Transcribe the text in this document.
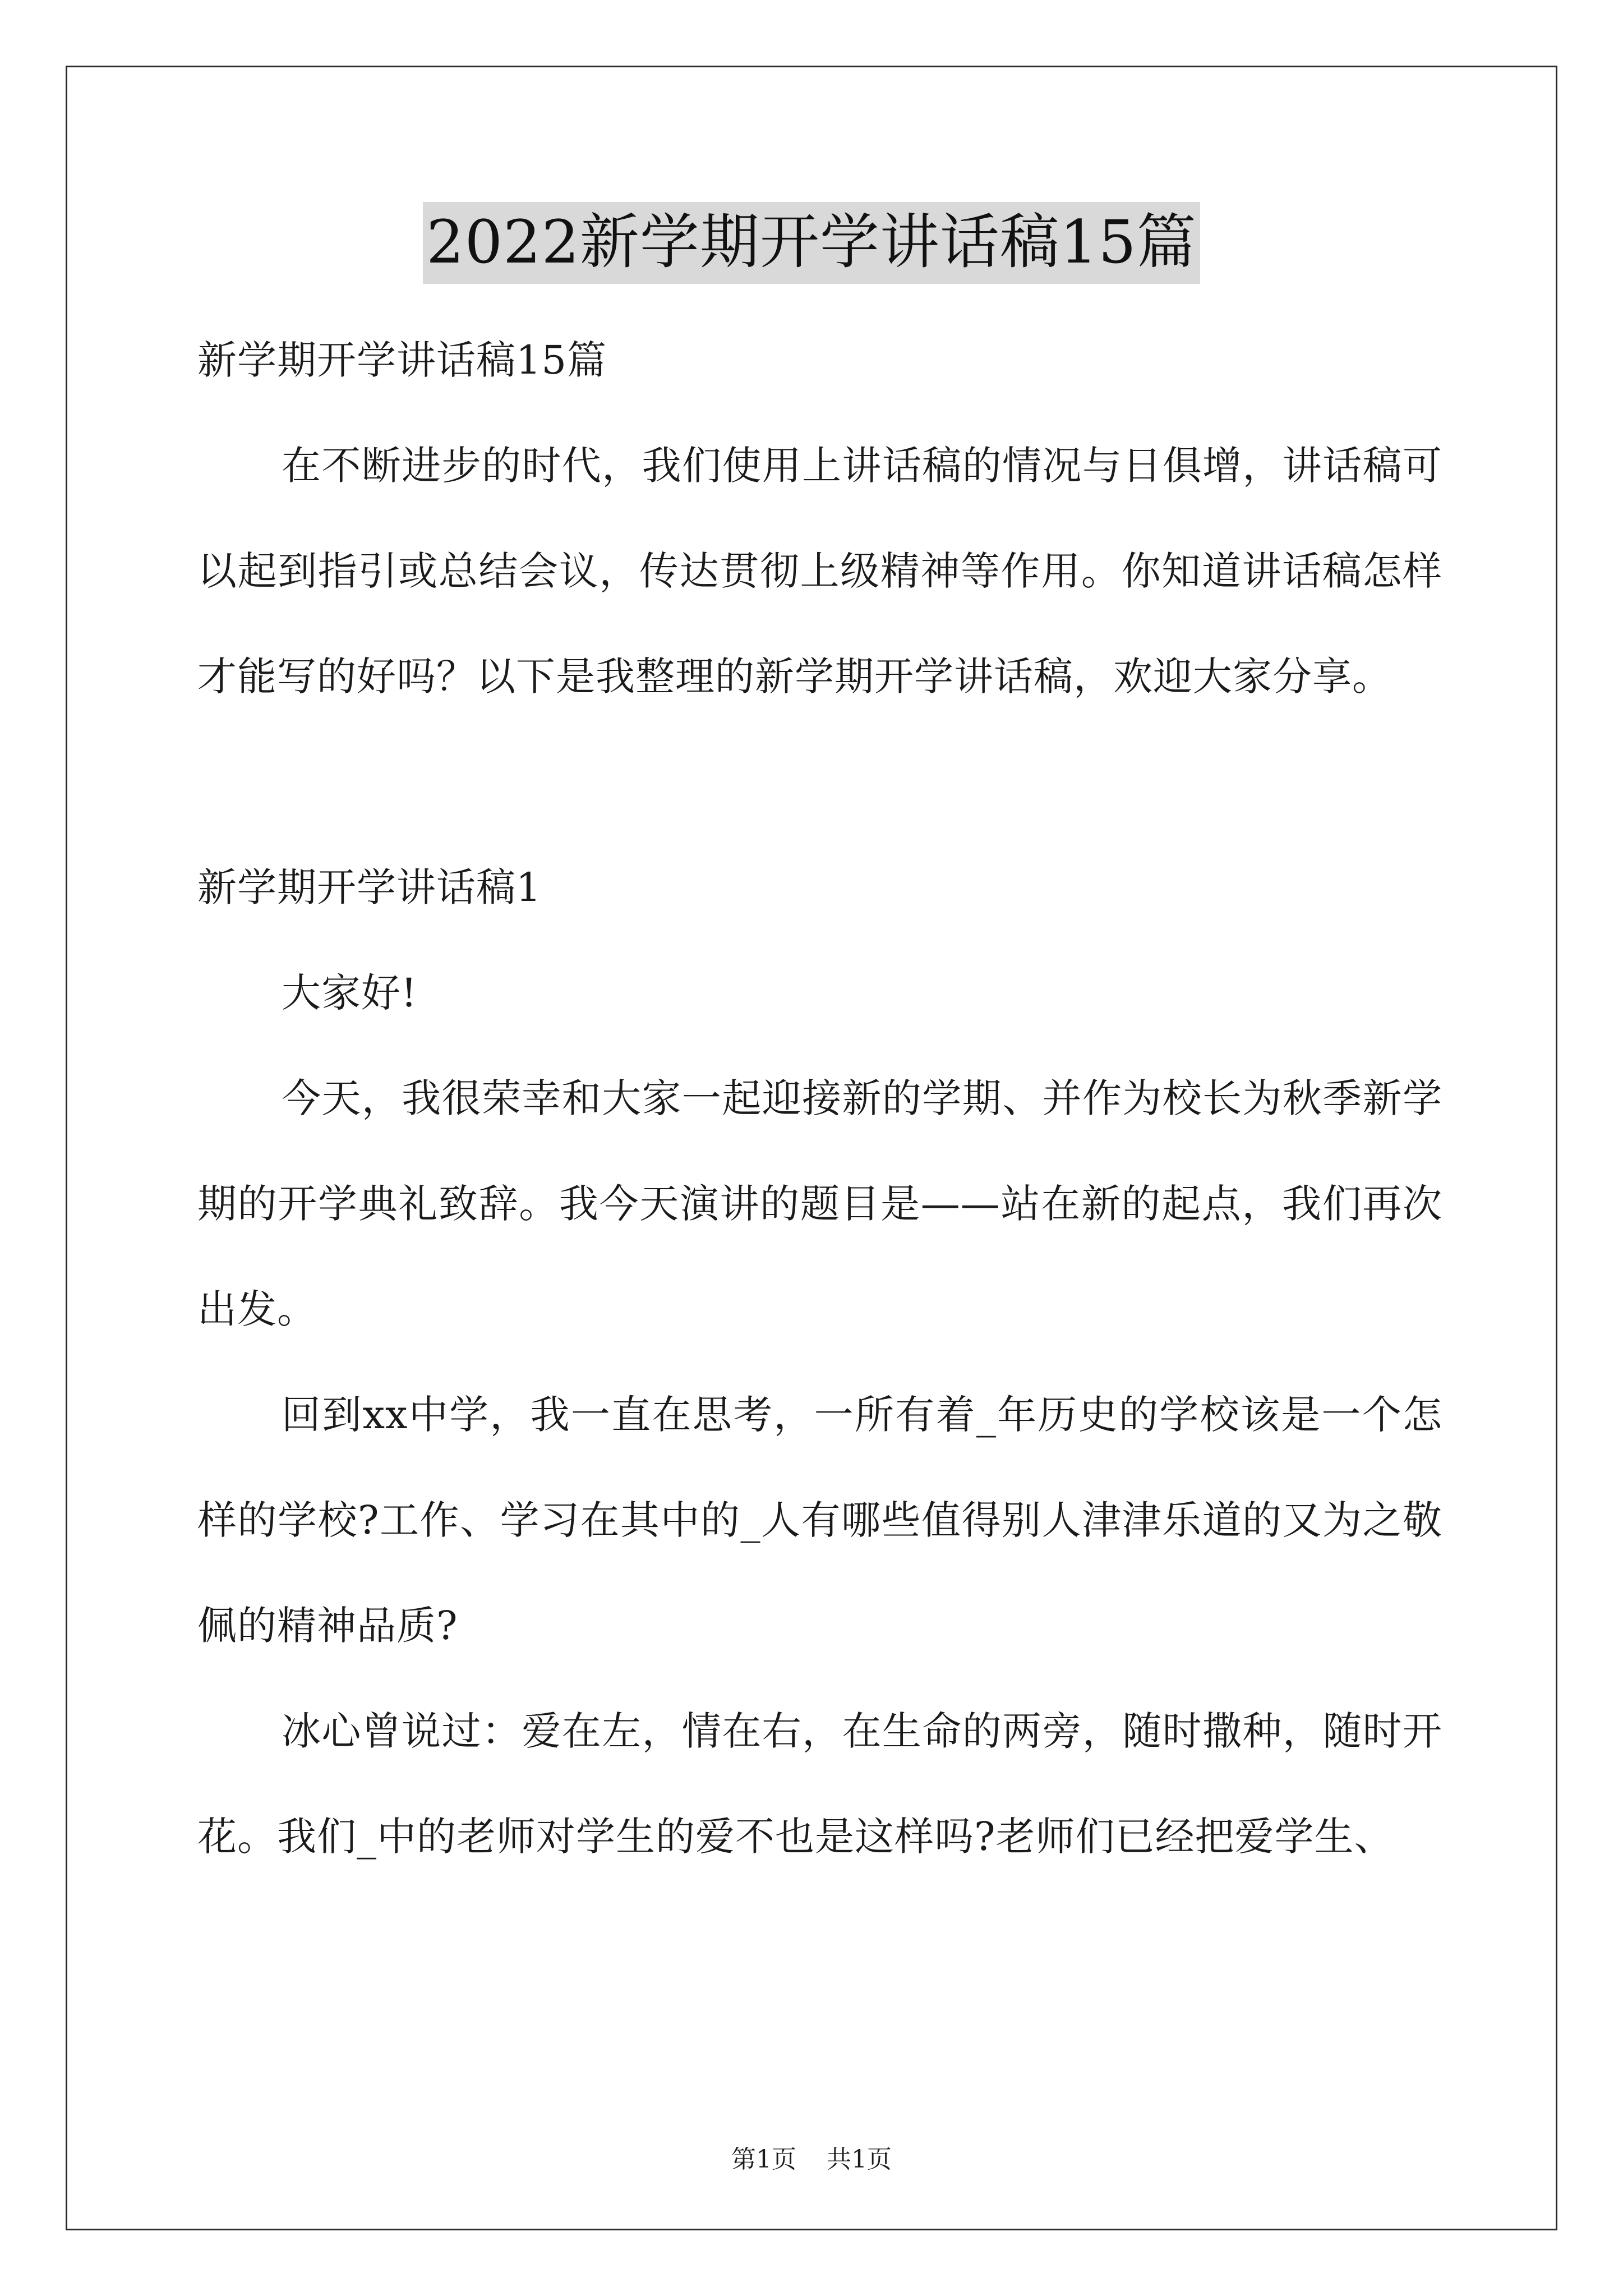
2022新学期开学讲话稿15篇

新学期开学讲话稿15篇

在不断进步的时代，我们使用上讲话稿的情况与日俱增，讲话稿可以起到指引或总结会议，传达贯彻上级精神等作用。你知道讲话稿怎样才能写的好吗？以下是我整理的新学期开学讲话稿，欢迎大家分享。

新学期开学讲话稿1

大家好!

今天，我很荣幸和大家一起迎接新的学期、并作为校长为秋季新学期的开学典礼致辞。我今天演讲的题目是——站在新的起点，我们再次出发。

回到xx中学，我一直在思考，一所有着_年历史的学校该是一个怎样的学校?工作、学习在其中的_人有哪些值得别人津津乐道的又为之敬佩的精神品质?

冰心曾说过：爱在左，情在右，在生命的两旁，随时撒种，随时开花。我们_中的老师对学生的爱不也是这样吗?老师们已经把爱学生、

第1页 共1页
